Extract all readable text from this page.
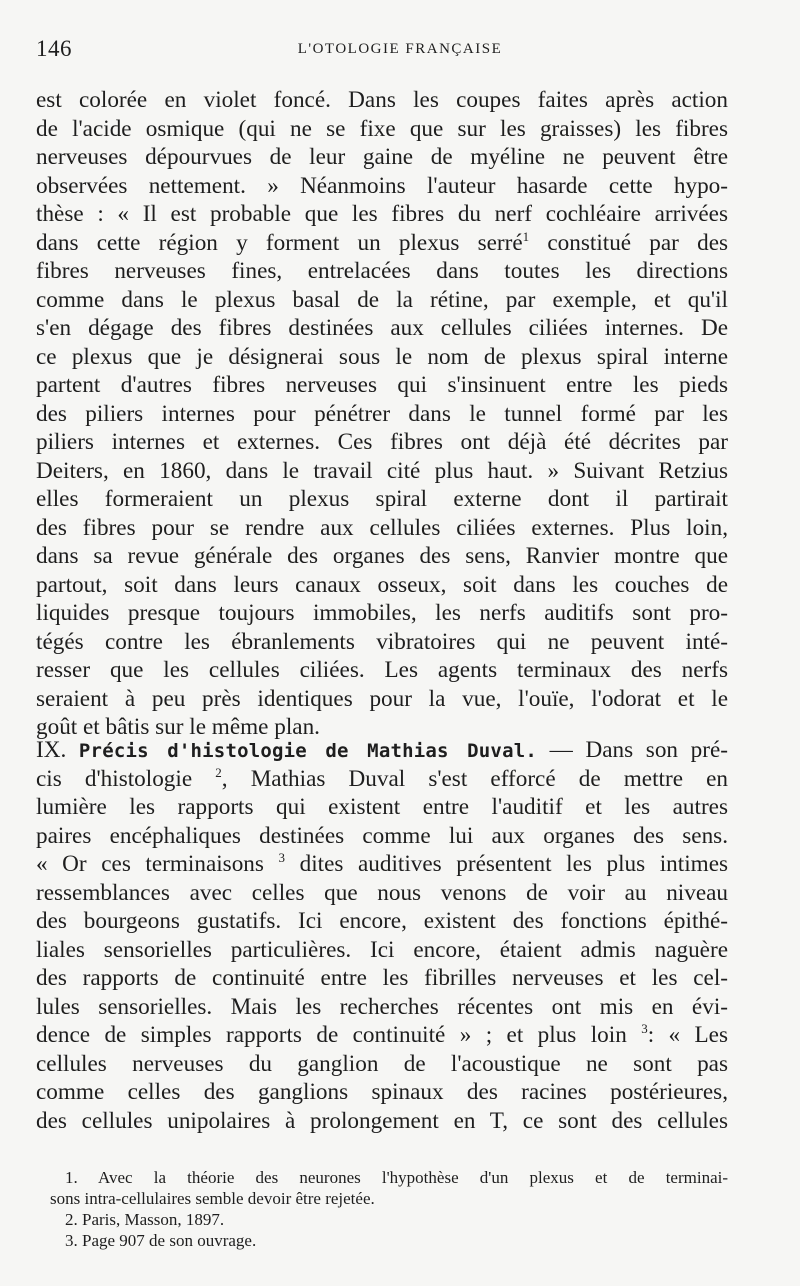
146	L'OTOLOGIE FRANÇAISE
est colorée en violet foncé. Dans les coupes faites après action
de l'acide osmique (qui ne se fixe que sur les graisses) les fibres
nerveuses dépourvues de leur gaine de myéline ne peuvent être
observées nettement. » Néanmoins l'auteur hasarde cette hypo-
thèse : « Il est probable que les fibres du nerf cochléaire arrivées
dans cette région y forment un plexus serré$^1$ constitué par des
fibres nerveuses fines, entrelacées dans toutes les directions
comme dans le plexus basal de la rétine, par exemple, et qu'il
s'en dégage des fibres destinées aux cellules ciliées internes. De
ce plexus que je désignerai sous le nom de plexus spiral interne
partent d'autres fibres nerveuses qui s'insinuent entre les pieds
des piliers internes pour pénétrer dans le tunnel formé par les
piliers internes et externes. Ces fibres ont déjà été décrites par
Deiters, en 1860, dans le travail cité plus haut. » Suivant Retzius
elles formeraient un plexus spiral externe dont il partirait
des fibres pour se rendre aux cellules ciliées externes. Plus loin,
dans sa revue générale des organes des sens, Ranvier montre que
partout, soit dans leurs canaux osseux, soit dans les couches de
liquides presque toujours immobiles, les nerfs auditifs sont pro-
tégés contre les ébranlements vibratoires qui ne peuvent inté-
resser que les cellules ciliées. Les agents terminaux des nerfs
seraient à peu près identiques pour la vue, l'ouïe, l'odorat et le
goût et bâtis sur le même plan.
IX. Précis d'histologie de Mathias Duval. — Dans son pré-
cis d'histologie $^2$, Mathias Duval s'est efforcé de mettre en
lumière les rapports qui existent entre l'auditif et les autres
paires encéphaliques destinées comme lui aux organes des sens.
« Or ces terminaisons $^3$ dites auditives présentent les plus intimes
ressemblances avec celles que nous venons de voir au niveau
des bourgeons gustatifs. Ici encore, existent des fonctions épithé-
liales sensorielles particulières. Ici encore, étaient admis naguère
des rapports de continuité entre les fibrilles nerveuses et les cel-
lules sensorielles. Mais les recherches récentes ont mis en évi-
dence de simples rapports de continuité » ; et plus loin $^3$: « Les
cellules nerveuses du ganglion de l'acoustique ne sont pas
comme celles des ganglions spinaux des racines postérieures,
des cellules unipolaires à prolongement en T, ce sont des cellules
1. Avec la théorie des neurones l'hypothèse d'un plexus et de terminai-
sons intra-cellulaires semble devoir être rejetée.
2. Paris, Masson, 1897.
3. Page 907 de son ouvrage.
